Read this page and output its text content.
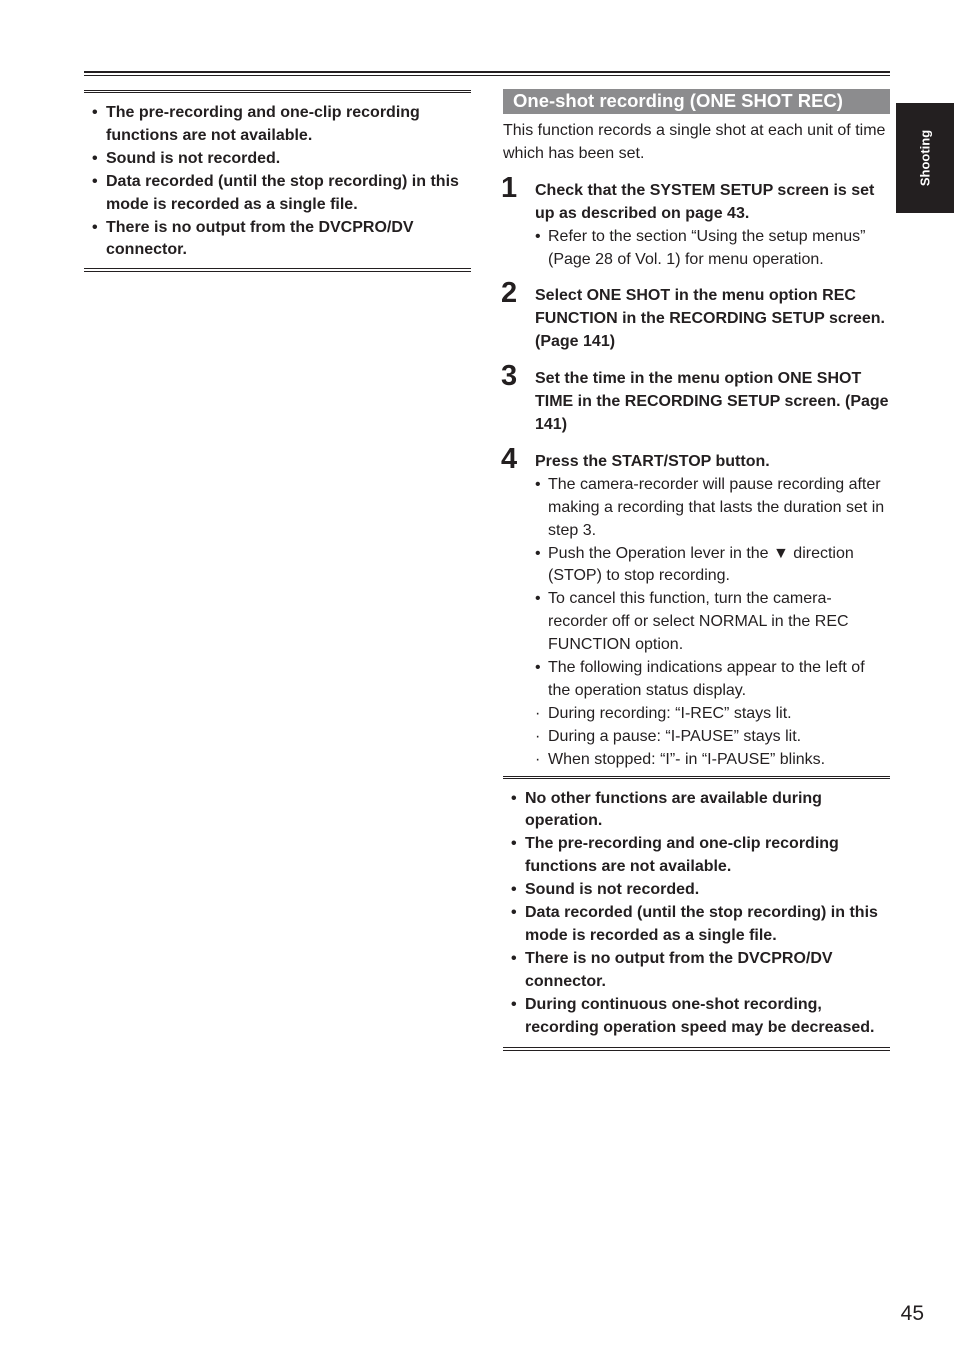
• The pre-recording and one-clip recording functions are not available.
• Sound is not recorded.
• Data recorded (until the stop recording) in this mode is recorded as a single file.
• There is no output from the DVCPRO/DV connector.
One-shot recording (ONE SHOT REC)

This function records a single shot at each unit of time which has been set.

1 Check that the SYSTEM SETUP screen is set up as described on page 43.

• Refer to the section “Using the setup menus” (Page 28 of Vol. 1) for menu operation.
2 Select ONE SHOT in the menu option REC FUNCTION in the RECORDING SETUP screen. (Page 141)

3 Set the time in the menu option ONE SHOT TIME in the RECORDING SETUP screen. (Page 141)

4 Press the START/STOP button.

• The camera-recorder will pause recording after making a recording that lasts the duration set in step 3.
• Push the Operation lever in the ▼ direction (STOP) to stop recording.
• To cancel this function, turn the camera-recorder off or select NORMAL in the REC FUNCTION option.
• The following indications appear to the left of the operation status display.
· During recording: “I-REC” stays lit.
· During a pause: “I-PAUSE” stays lit.
· When stopped: “I”- in “I-PAUSE” blinks.
• No other functions are available during operation.
• The pre-recording and one-clip recording functions are not available.
• Sound is not recorded.
• Data recorded (until the stop recording) in this mode is recorded as a single file.
• There is no output from the DVCPRO/DV connector.
• During continuous one-shot recording, recording operation speed may be decreased.
Shooting
45
